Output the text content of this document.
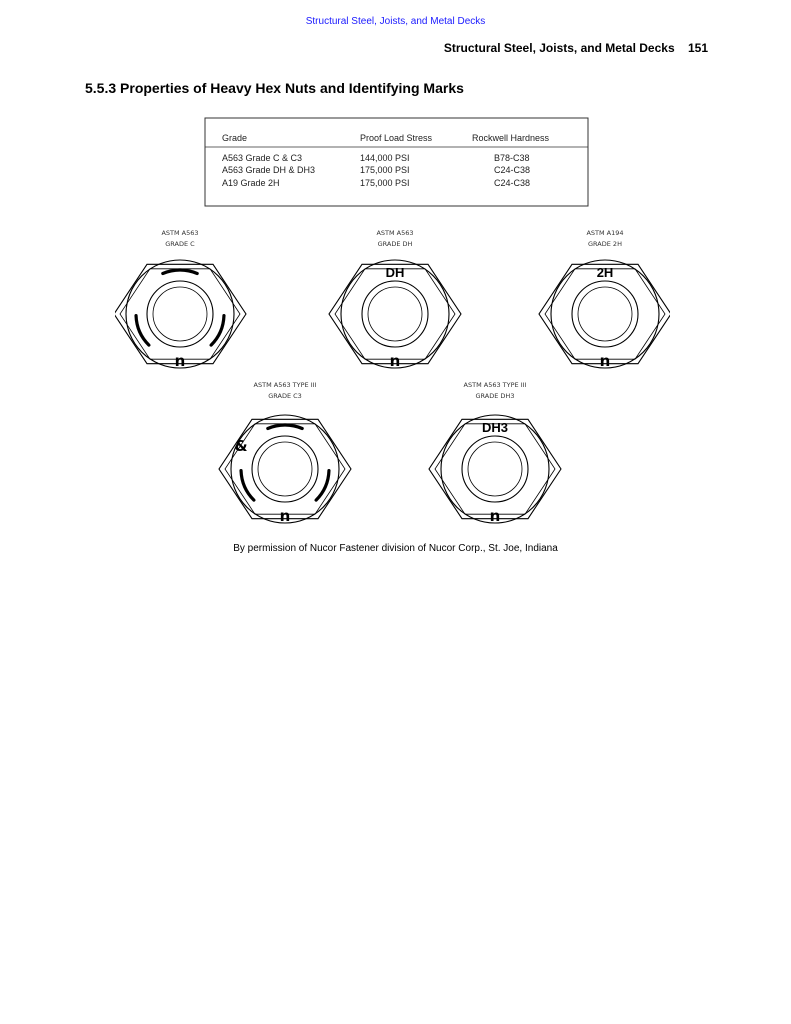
Structural Steel, Joists, and Metal Decks
Structural Steel, Joists, and Metal Decks 151
5.5.3 Properties of Heavy Hex Nuts and Identifying Marks
Grade	Proof Load Stress	Rockwell Hardness
A563 Grade C & C3	144,000 PSI	B78-C38
A563 Grade DH & DH3	175,000 PSI	C24-C38
A19 Grade 2H	175,000 PSI	C24-C38
n
ASTM A563
GRADE C
DH
n
ASTM A563
GRADE DH
2H
n
ASTM A194
GRADE 2H
&
n
ASTM A563 TYPE III
GRADE C3
DH3
n
ASTM A563 TYPE III
GRADE DH3
By permission of Nucor Fastener division of Nucor Corp., St. Joe, Indiana
